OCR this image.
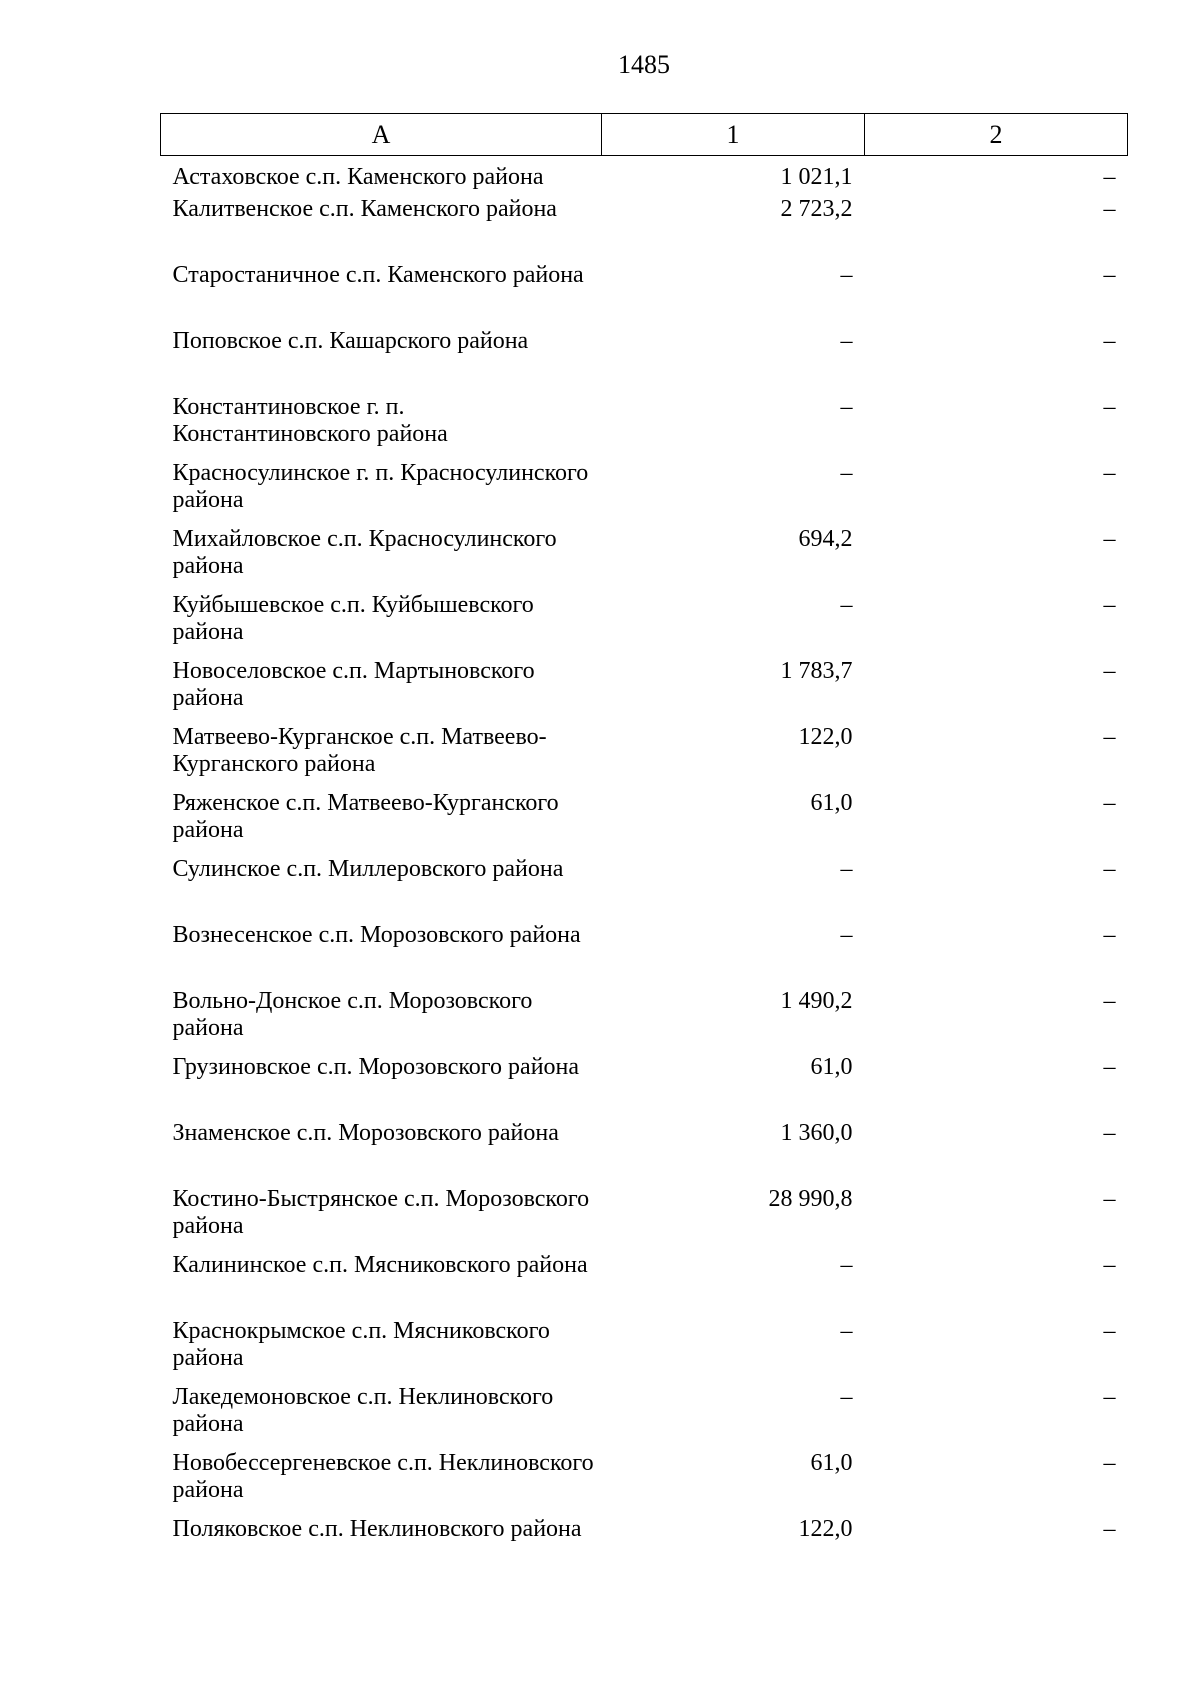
1485
А	1	2
Астаховское с.п. Каменского района	1 021,1	–
Калитвенское с.п. Каменского района	2 723,2	–
Старостаничное с.п. Каменского района	–	–
Поповское с.п. Кашарского района	–	–
Константиновское г. п. Константиновского района	–	–
Красносулинское г. п. Красносулинского района	–	–
Михайловское с.п. Красносулинского района	694,2	–
Куйбышевское с.п. Куйбышевского района	–	–
Новоселовское с.п. Мартыновского района	1 783,7	–
Матвеево-Курганское с.п. Матвеево-Курганского района	122,0	–
Ряженское с.п. Матвеево-Курганского района	61,0	–
Сулинское с.п. Миллеровского района	–	–
Вознесенское с.п. Морозовского района	–	–
Вольно-Донское с.п. Морозовского района	1 490,2	–
Грузиновское с.п. Морозовского района	61,0	–
Знаменское с.п. Морозовского района	1 360,0	–
Костино-Быстрянское с.п. Морозовского района	28 990,8	–
Калининское с.п. Мясниковского района	–	–
Краснокрымское с.п. Мясниковского района	–	–
Лакедемоновское с.п. Неклиновского района	–	–
Новобессергеневское с.п. Неклиновского района	61,0	–
Поляковское с.п. Неклиновского района	122,0	–
